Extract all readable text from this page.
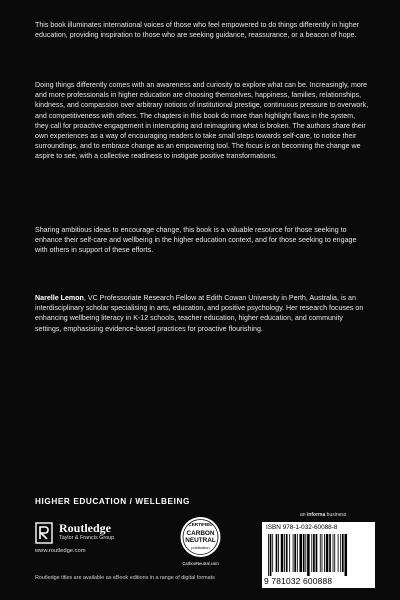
This book illuminates international voices of those who feel empowered to do things differently in higher education, providing inspiration to those who are seeking guidance, reassurance, or a beacon of hope.

Doing things differently comes with an awareness and curiosity to explore what can be. Increasingly, more and more professionals in higher education are choosing themselves, happiness, families, relationships, kindness, and compassion over arbitrary notions of institutional prestige, continuous pressure to overwork, and competitiveness with others. The chapters in this book do more than highlight flaws in the system, they call for proactive engagement in interrupting and reimagining what is broken. The authors share their own experiences as a way of encouraging readers to take small steps towards self-care, to notice their surroundings, and to embrace change as an empowering tool. The focus is on becoming the change we aspire to see, with a collective readiness to instigate positive transformations.

Sharing ambitious ideas to encourage change, this book is a valuable resource for those seeking to enhance their self-care and wellbeing in the higher education context, and for those seeking to engage with others in support of these efforts.

Narelle Lemon, VC Professoriate Research Fellow at Edith Cowan University in Perth, Australia, is an interdisciplinary scholar specialising in arts, education, and positive psychology. Her research focuses on enhancing wellbeing literacy in K-12 schools, teacher education, higher education, and community settings, emphasising evidence-based practices for proactive flourishing.

HIGHER EDUCATION / WELLBEING
Routledge
Taylor & Francis Group
www.routledge.com
Routledge titles are available as eBook editions in a range of digital formats
CERTIFIED
CARBON
NEUTRAL
publication
CarbonNeutral.com
an informa business
ISBN 978-1-032-60088-8
9 781032 600888
